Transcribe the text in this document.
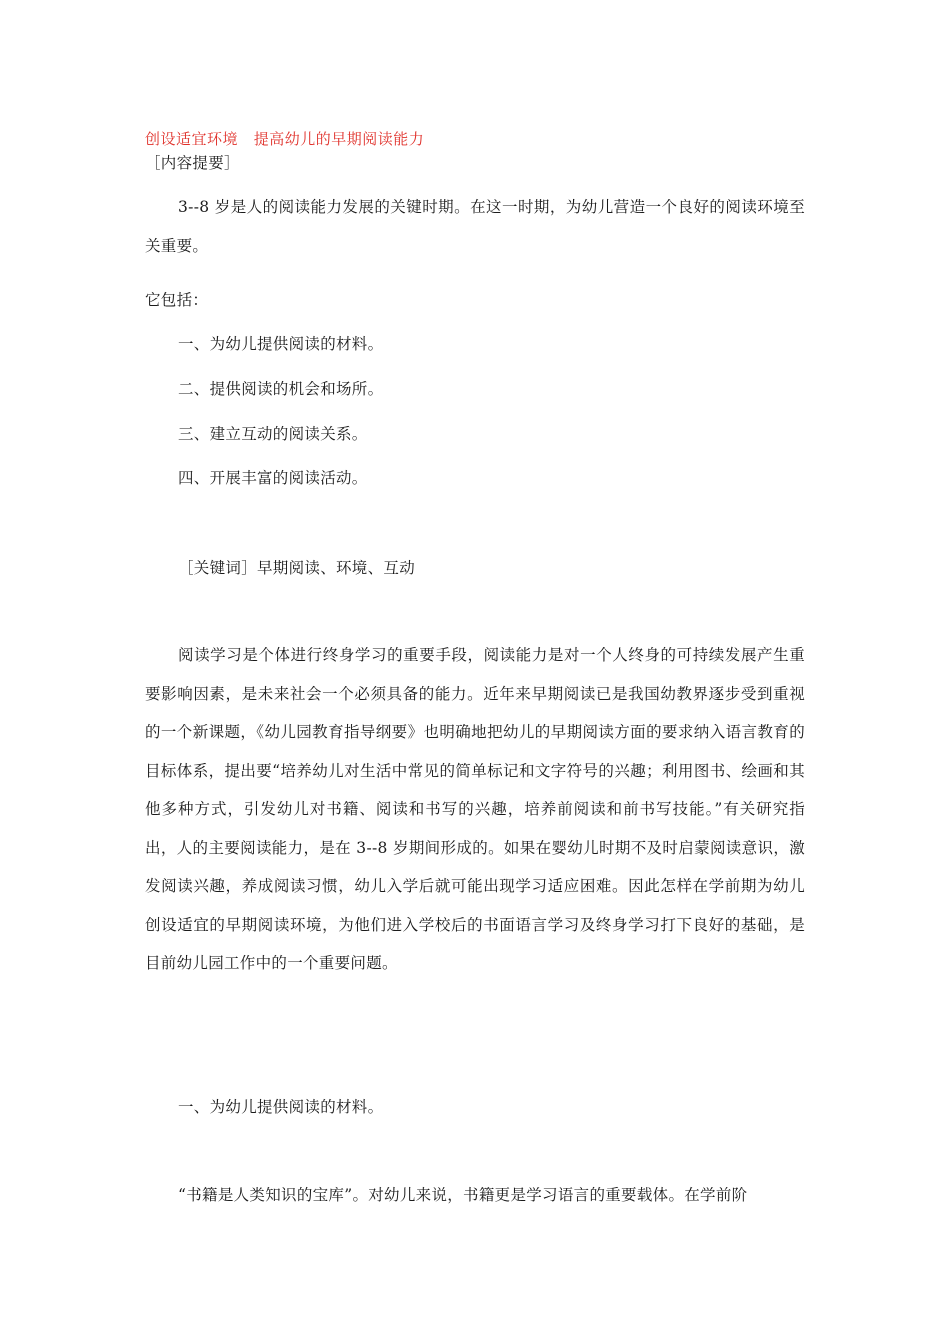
创设适宜环境   提高幼儿的早期阅读能力
［内容提要］
3--8 岁是人的阅读能力发展的关键时期。在这一时期，为幼儿营造一个良好的阅读环境至关重要。
它包括：
一、为幼儿提供阅读的材料。
二、提供阅读的机会和场所。
三、建立互动的阅读关系。
四、开展丰富的阅读活动。
［关键词］早期阅读、环境、互动
阅读学习是个体进行终身学习的重要手段，阅读能力是对一个人终身的可持续发展产生重要影响因素，是未来社会一个必须具备的能力。近年来早期阅读已是我国幼教界逐步受到重视的一个新课题，《幼儿园教育指导纲要》也明确地把幼儿的早期阅读方面的要求纳入语言教育的目标体系，提出要“培养幼儿对生活中常见的简单标记和文字符号的兴趣；利用图书、绘画和其他多种方式，引发幼儿对书籍、阅读和书写的兴趣，培养前阅读和前书写技能。”有关研究指出，人的主要阅读能力，是在 3--8 岁期间形成的。如果在婴幼儿时期不及时启蒙阅读意识，激发阅读兴趣，养成阅读习惯，幼儿入学后就可能出现学习适应困难。因此怎样在学前期为幼儿创设适宜的早期阅读环境，为他们进入学校后的书面语言学习及终身学习打下良好的基础，是目前幼儿园工作中的一个重要问题。
一、为幼儿提供阅读的材料。
“书籍是人类知识的宝库”。对幼儿来说，书籍更是学习语言的重要载体。在学前阶
